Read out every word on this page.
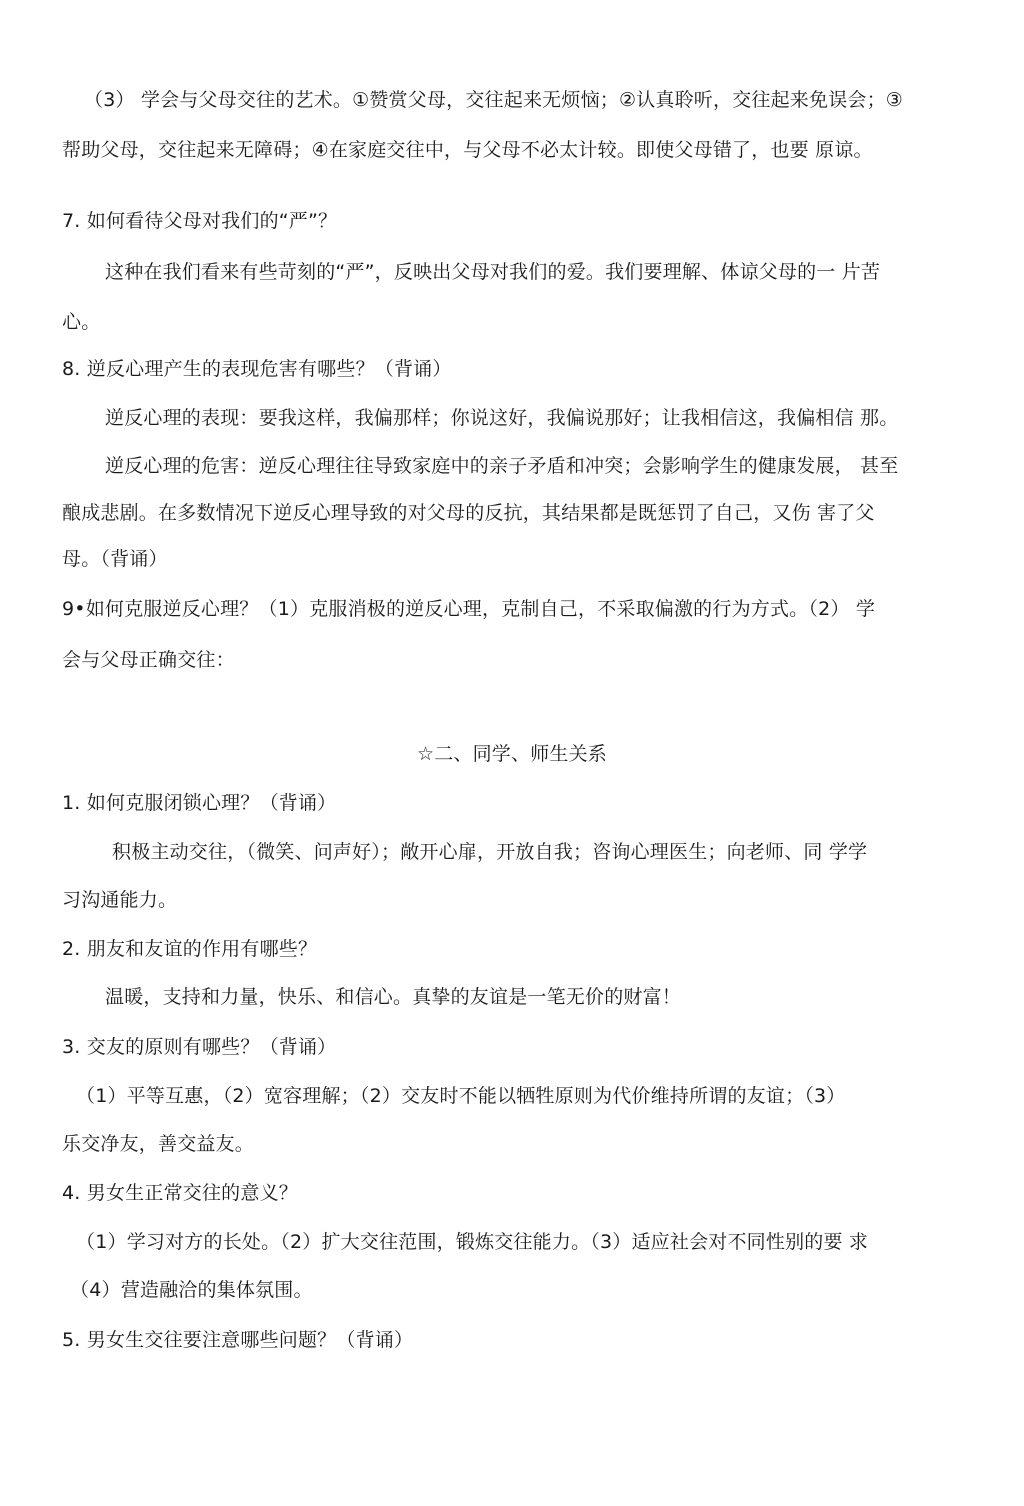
（3） 学会与父母交往的艺术。①赞赏父母，交往起来无烦恼；②认真聆听，交往起来免误会；③
帮助父母，交往起来无障碍；④在家庭交往中，与父母不必太计较。即使父母错了，也要 原谅。
7. 如何看待父母对我们的“严”？
这种在我们看来有些苛刻的“严”，反映出父母对我们的爱。我们要理解、体谅父母的一 片苦
心。
8. 逆反心理产生的表现危害有哪些？（背诵）
逆反心理的表现：要我这样，我偏那样；你说这好，我偏说那好；让我相信这，我偏相信 那。
逆反心理的危害：逆反心理往往导致家庭中的亲子矛盾和冲突；会影响学生的健康发展， 甚至
酿成悲剧。在多数情况下逆反心理导致的对父母的反抗，其结果都是既惩罚了自己，又伤 害了父
母。（背诵）
9•如何克服逆反心理？（1）克服消极的逆反心理，克制自己，不采取偏激的行为方式。（2） 学
会与父母正确交往：
☆二、同学、师生关系
1. 如何克服闭锁心理？（背诵）
积极主动交往，（微笑、问声好）；敞开心扉，开放自我；咨询心理医生；向老师、同 学学
习沟通能力。
2. 朋友和友谊的作用有哪些？
温暖，支持和力量，快乐、和信心。真挚的友谊是一笔无价的财富！
3. 交友的原则有哪些？（背诵）
（1）平等互惠，（2）宽容理解；（2）交友时不能以牺牲原则为代价维持所谓的友谊；（3）
乐交净友，善交益友。
4. 男女生正常交往的意义？
（1）学习对方的长处。（2）扩大交往范围，锻炼交往能力。（3）适应社会对不同性别的要 求
（4）营造融洽的集体氛围。
5. 男女生交往要注意哪些问题？（背诵）
